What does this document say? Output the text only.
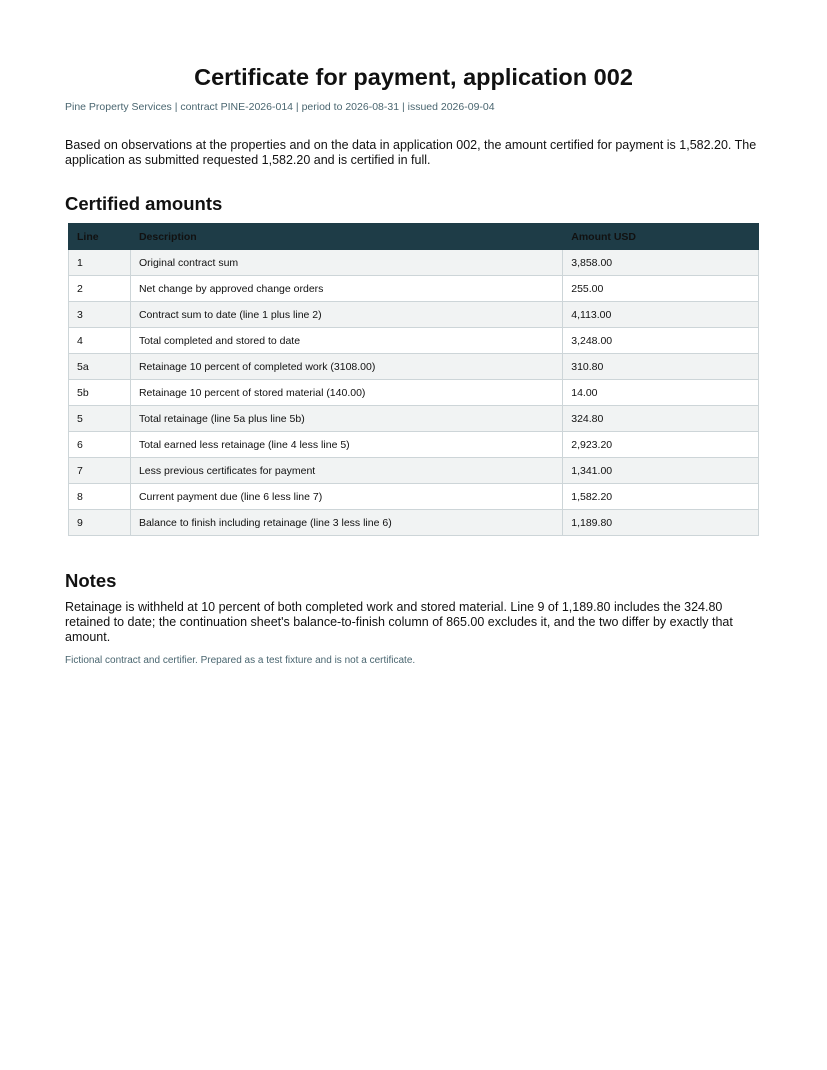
Certificate for payment, application 002
Pine Property Services | contract PINE-2026-014 | period to 2026-08-31 | issued 2026-09-04

Based on observations at the properties and on the data in application 002, the amount certified for payment is 1,582.20. The application as submitted requested 1,582.20 and is certified in full.

Certified amounts
Line	Description	Amount USD
1	Original contract sum	3,858.00
2	Net change by approved change orders	255.00
3	Contract sum to date (line 1 plus line 2)	4,113.00
4	Total completed and stored to date	3,248.00
5a	Retainage 10 percent of completed work (3108.00)	310.80
5b	Retainage 10 percent of stored material (140.00)	14.00
5	Total retainage (line 5a plus line 5b)	324.80
6	Total earned less retainage (line 4 less line 5)	2,923.20
7	Less previous certificates for payment	1,341.00
8	Current payment due (line 6 less line 7)	1,582.20
9	Balance to finish including retainage (line 3 less line 6)	1,189.80
Notes

Retainage is withheld at 10 percent of both completed work and stored material. Line 9 of 1,189.80 includes the 324.80 retained to date; the continuation sheet's balance-to-finish column of 865.00 excludes it, and the two differ by exactly that amount.

Fictional contract and certifier. Prepared as a test fixture and is not a certificate.
